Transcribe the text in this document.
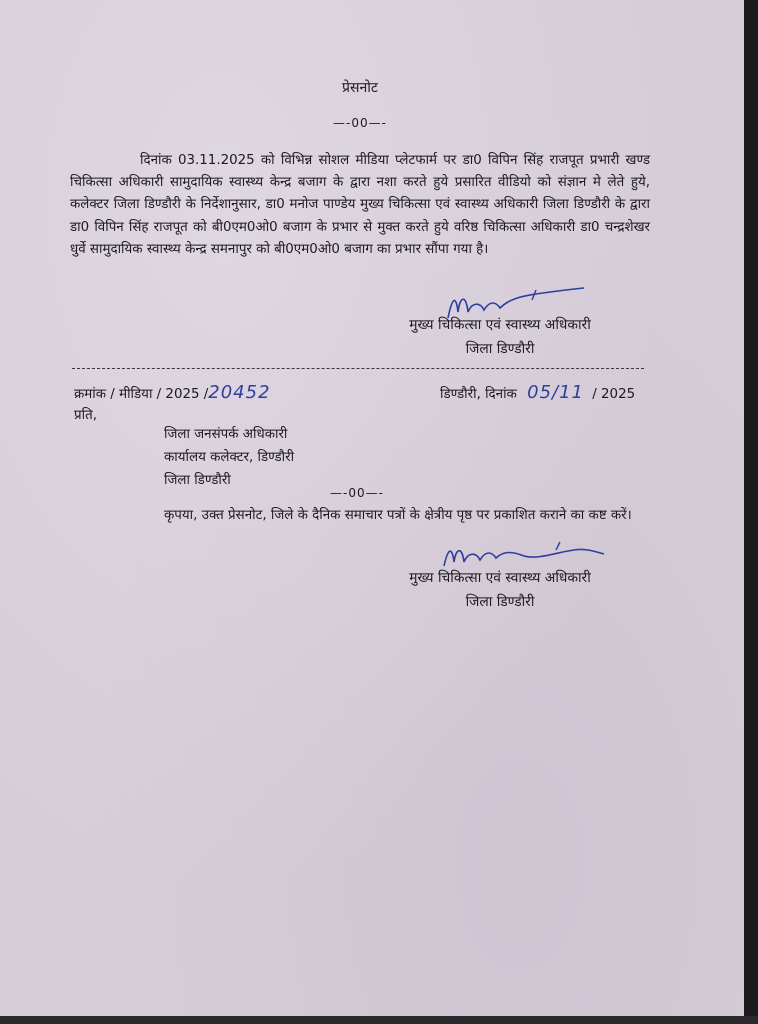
प्रेसनोट
—-00—-
दिनांक 03.11.2025 को विभिन्न सोशल मीडिया प्लेटफार्म पर डा0 विपिन सिंह राजपूत प्रभारी खण्ड चिकित्सा अधिकारी सामुदायिक स्वास्थ्य केन्द्र बजाग के द्वारा नशा करते हुये प्रसारित वीडियो को संज्ञान मे लेते हुये, कलेक्टर जिला डिण्डौरी के निर्देशानुसार, डा0 मनोज पाण्डेय मुख्य चिकित्सा एवं स्वास्थ्य अधिकारी जिला डिण्डौरी के द्वारा डा0 विपिन सिंह राजपूत को बी0एम0ओ0 बजाग के प्रभार से मुक्त करते हुये वरिष्ठ चिकित्सा अधिकारी डा0 चन्द्रशेखर धुर्वे सामुदायिक स्वास्थ्य केन्द्र समनापुर को बी0एम0ओ0 बजाग का प्रभार सौंपा गया है।
मुख्य चिकित्सा एवं स्वास्थ्य अधिकारी
जिला डिण्डौरी
क्रमांक / मीडिया / 2025 /20452	डिण्डौरी, दिनांक 05/11 / 2025
प्रति,
जिला जनसंपर्क अधिकारी
कार्यालय कलेक्टर, डिण्डौरी
जिला डिण्डौरी
—-00—-
कृपया, उक्त प्रेसनोट, जिले के दैनिक समाचार पत्रों के क्षेत्रीय पृष्ठ पर प्रकाशित कराने का कष्ट करें।
मुख्य चिकित्सा एवं स्वास्थ्य अधिकारी
जिला डिण्डौरी
